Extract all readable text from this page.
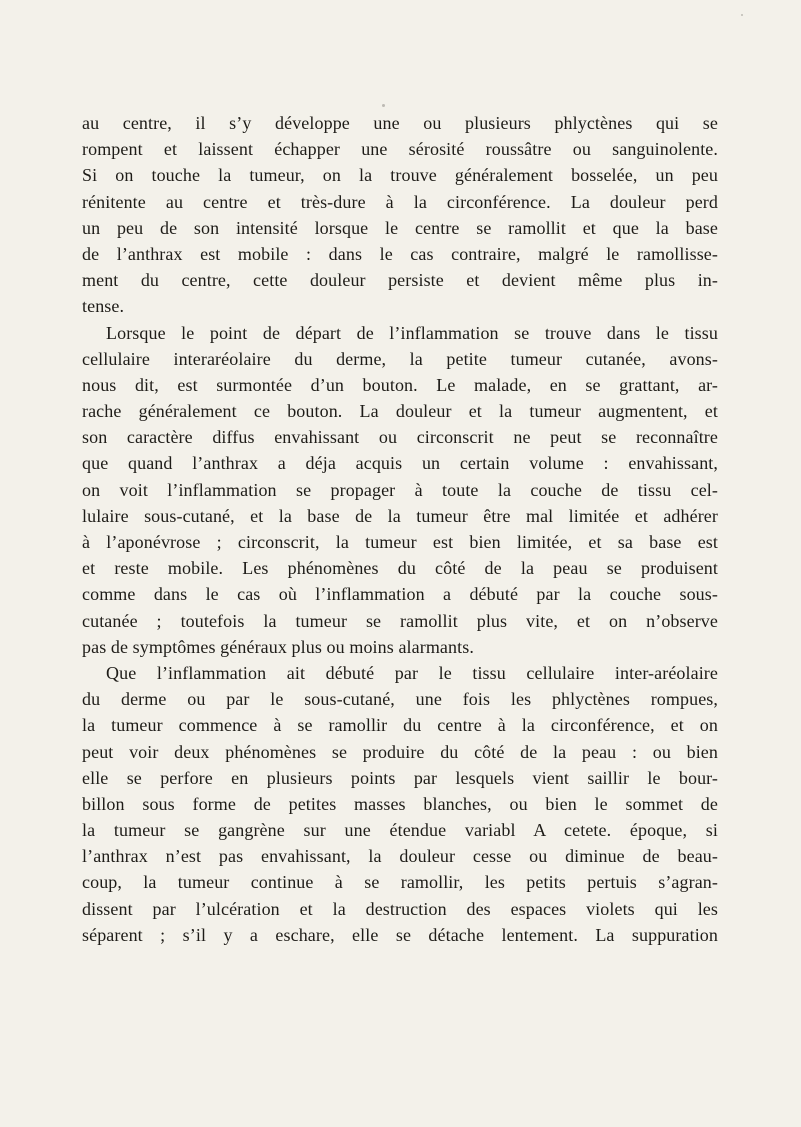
au centre, il s’y développe une ou plusieurs phlyctènes qui se
rompent et laissent échapper une sérosité roussâtre ou sanguinolente.
Si on touche la tumeur, on la trouve généralement bosselée, un peu
rénitente au centre et très-dure à la circonférence. La douleur perd
un peu de son intensité lorsque le centre se ramollit et que la base
de l’anthrax est mobile : dans le cas contraire, malgré le ramollisse-
ment du centre, cette douleur persiste et devient même plus in-
tense.
Lorsque le point de départ de l’inflammation se trouve dans le tissu
cellulaire interaréolaire du derme, la petite tumeur cutanée, avons-
nous dit, est surmontée d’un bouton. Le malade, en se grattant, ar-
rache généralement ce bouton. La douleur et la tumeur augmentent, et
son caractère diffus envahissant ou circonscrit ne peut se reconnaître
que quand l’anthrax a déja acquis un certain volume : envahissant,
on voit l’inflammation se propager à toute la couche de tissu cel-
lulaire sous-cutané, et la base de la tumeur être mal limitée et adhérer
à l’aponévrose ; circonscrit, la tumeur est bien limitée, et sa base est
et reste mobile. Les phénomènes du côté de la peau se produisent
comme dans le cas où l’inflammation a débuté par la couche sous-
cutanée ; toutefois la tumeur se ramollit plus vite, et on n’observe
pas de symptômes généraux plus ou moins alarmants.
Que l’inflammation ait débuté par le tissu cellulaire inter-aréolaire
du derme ou par le sous-cutané, une fois les phlyctènes rompues,
la tumeur commence à se ramollir du centre à la circonférence, et on
peut voir deux phénomènes se produire du côté de la peau : ou bien
elle se perfore en plusieurs points par lesquels vient saillir le bour-
billon sous forme de petites masses blanches, ou bien le sommet de
la tumeur se gangrène sur une étendue variabl A cetete. époque, si
l’anthrax n’est pas envahissant, la douleur cesse ou diminue de beau-
coup, la tumeur continue à se ramollir, les petits pertuis s’agran-
dissent par l’ulcération et la destruction des espaces violets qui les
séparent ; s’il y a eschare, elle se détache lentement. La suppuration
